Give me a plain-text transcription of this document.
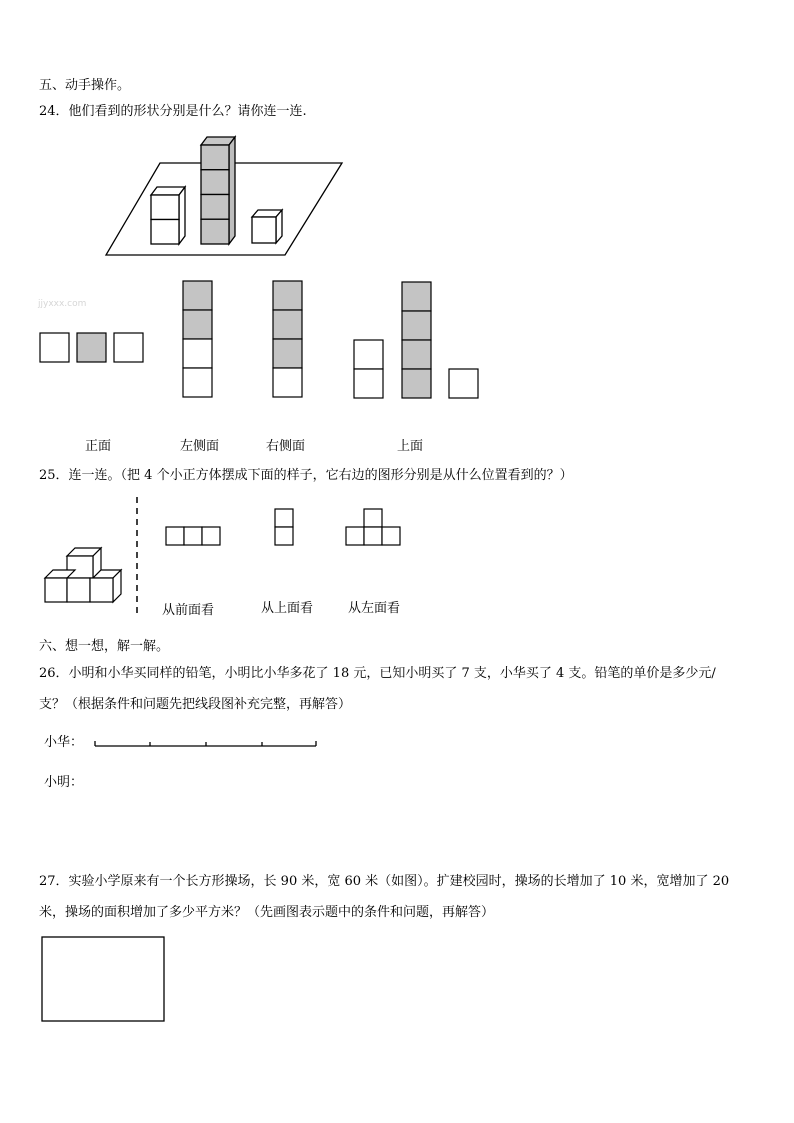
五、动手操作。
24．他们看到的形状分别是什么？请你连一连.
jjyxxx.com
正面	左侧面	右侧面	上面
25．连一连。（把 4 个小正方体摆成下面的样子，它右边的图形分别是从什么位置看到的？）
从前面看	从上面看	从左面看
六、想一想，解一解。
26．小明和小华买同样的铅笔，小明比小华多花了 18 元，已知小明买了 7 支，小华买了 4 支。铅笔的单价是多少元/
支？（根据条件和问题先把线段图补充完整，再解答）
小华：
小明：
27．实验小学原来有一个长方形操场，长 90 米，宽 60 米（如图）。扩建校园时，操场的长增加了 10 米，宽增加了 20
米，操场的面积增加了多少平方米？（先画图表示题中的条件和问题，再解答）
